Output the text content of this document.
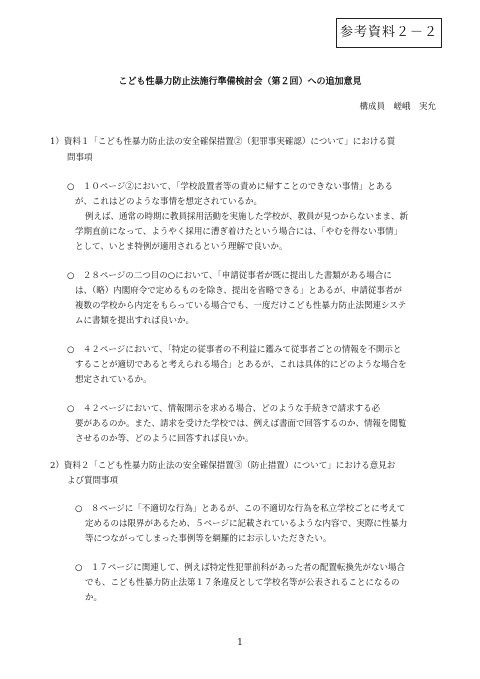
参考資料２－２
こども性暴力防止法施行準備検討会（第２回）への追加意見
構成員　嵯峨　実允
1）資料１「こども性暴力防止法の安全確保措置②（犯罪事実確認）について」における質
問事項
○　１０ページ②において、「学校設置者等の責めに帰すことのできない事情」とある
が、これはどのような事情を想定されているか。
例えば、通常の時期に教員採用活動を実施した学校が、教員が見つからないまま、新
学期直前になって、ようやく採用に漕ぎ着けたという場合には、「やむを得ない事情」
として、いとま特例が適用されるという理解で良いか。
○　２８ページの二つ目の○において、「申請従事者が既に提出した書類がある場合に
は、（略）内閣府令で定めるものを除き、提出を省略できる」とあるが、申請従事者が
複数の学校から内定をもらっている場合でも、一度だけこども性暴力防止法関連システ
ムに書類を提出すれば良いか。
○　４２ページにおいて、「特定の従事者の不利益に鑑みて従事者ごとの情報を不開示と
することが適切であると考えられる場合」とあるが、これは具体的にどのような場合を
想定されているか。
○　４２ページにおいて、情報開示を求める場合、どのような手続きで請求する必
要があるのか。また、請求を受けた学校では、例えば書面で回答するのか、情報を閲覧
させるのか等、どのように回答すれば良いか。
2）資料２「こども性暴力防止法の安全確保措置③（防止措置）について」における意見お
よび質問事項
○　８ページに「不適切な行為」とあるが、この不適切な行為を私立学校ごとに考えて
定めるのは限界があるため、５ページに記載されているような内容で、実際に性暴力
等につながってしまった事例等を網羅的にお示しいただきたい。
○　１７ページに関連して、例えば特定性犯罪前科があった者の配置転換先がない場合
でも、こども性暴力防止法第１７条違反として学校名等が公表されることになるの
か。
1
